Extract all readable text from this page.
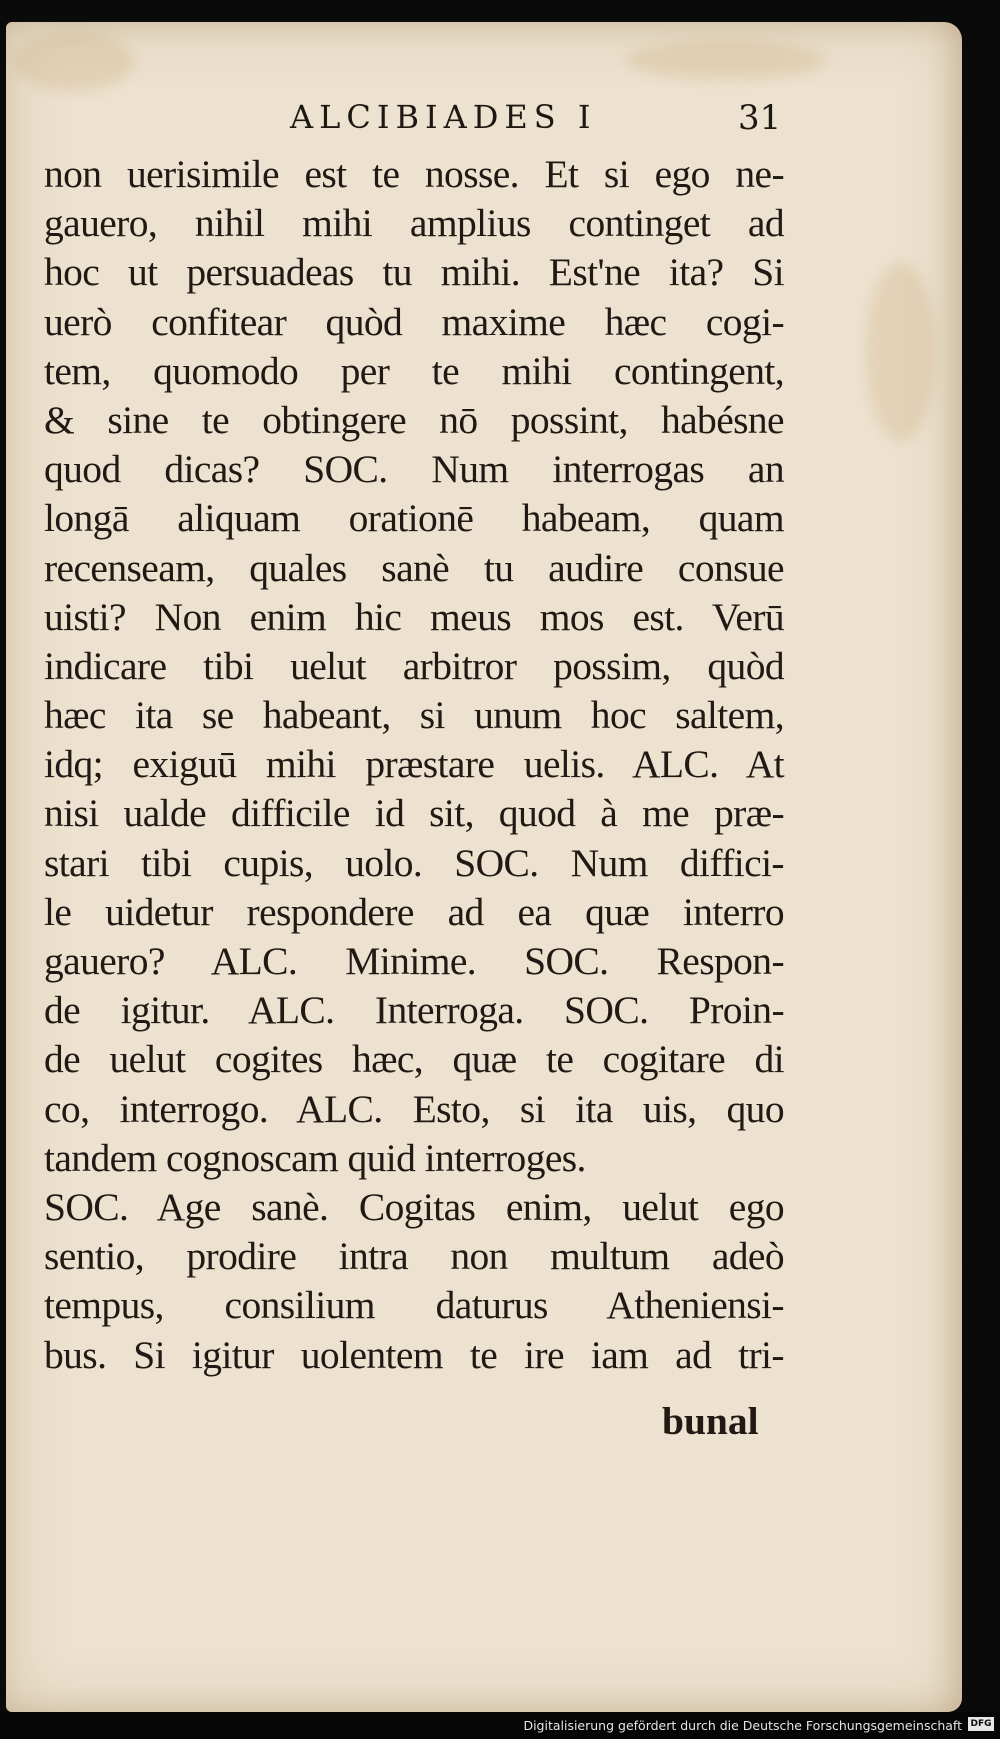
ALCIBIADES I	31
non uerisimile est te nosse. Et si ego ne-
gauero, nihil mihi amplius continget ad
hoc ut persuadeas tu mihi. Est'ne ita? Si
uerò confitear quòd maxime hæc cogi-
tem, quomodo per te mihi contingent,
& sine te obtingere nō possint, habésne
quod dicas? SOC. Num interrogas an
longā aliquam orationē habeam, quam
recenseam, quales sanè tu audire consue
uisti? Non enim hic meus mos est. Verū
indicare tibi uelut arbitror possim, quòd
hæc ita se habeant, si unum hoc saltem,
idq; exiguū mihi præstare uelis. ALC. At
nisi ualde difficile id sit, quod à me præ-
stari tibi cupis, uolo. SOC. Num diffici-
le uidetur respondere ad ea quæ interro
gauero? ALC. Minime. SOC. Respon-
de igitur. ALC. Interroga. SOC. Proin-
de uelut cogites hæc, quæ te cogitare di
co, interrogo. ALC. Esto, si ita uis, quo
tandem cognoscam quid interroges.
SOC. Age sanè. Cogitas enim, uelut ego
sentio, prodire intra non multum adeò
tempus, consilium daturus Atheniensi-
bus. Si igitur uolentem te ire iam ad tri-
bunal
Digitalisierung gefördert durch die Deutsche Forschungsgemeinschaft DFG
